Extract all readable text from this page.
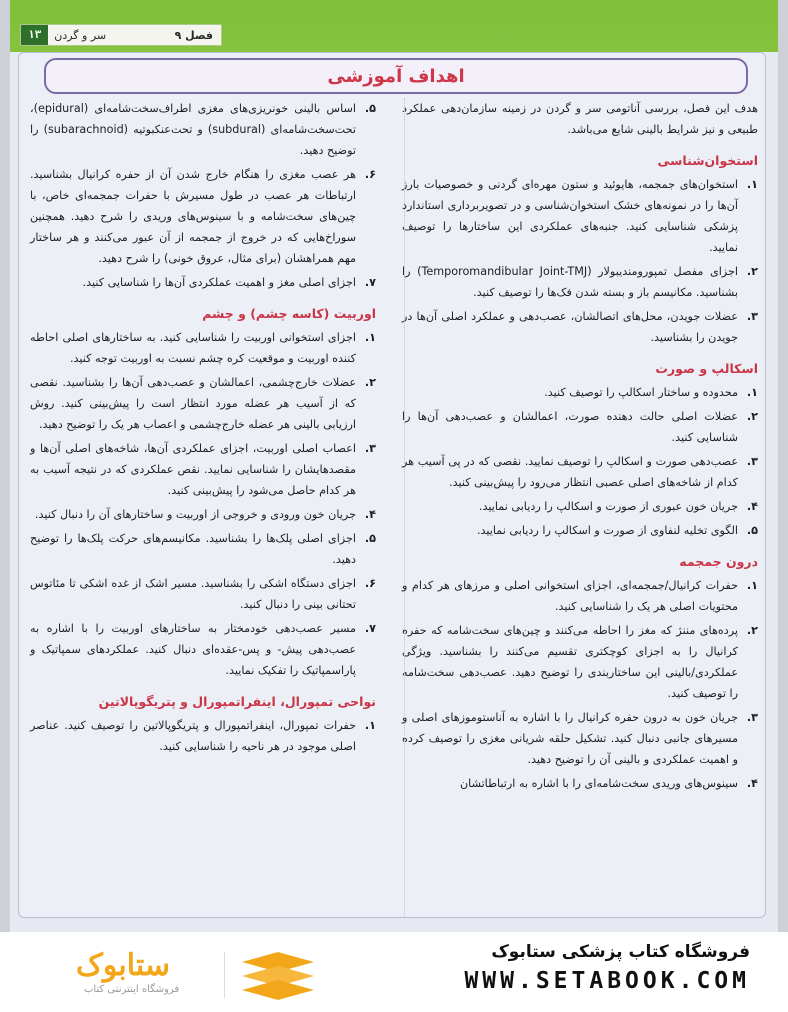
فصل ۹
سر و گردن
۱۳
اهداف آموزشی

هدف این فصل، بررسی آناتومی سر و گردن در زمینه سازمان‌دهی عملکرد طبیعی و نیز شرایط بالینی شایع می‌باشد.

استخوان‌شناسی
۱.
استخوان‌های جمجمه، هایوئید و ستون مهره‌ای گردنی و خصوصیات بارز آن‌ها را در نمونه‌های خشک استخوان‌شناسی و در تصویربرداری استاندارد پزشکی شناسایی کنید. جنبه‌های عملکردی این ساختارها را توصیف نمایید.
۲.
اجزای مفصل تمپورومندیبولار (Temporomandibular Joint-TMJ) را بشناسید. مکانیسم باز و بسته شدن فک‌ها را توصیف کنید.
۳.
عضلات جویدن، محل‌های اتصالشان، عصب‌دهی و عملکرد اصلی آن‌ها در جویدن را بشناسید.
اسکالپ و صورت
۱.
محدوده و ساختار اسکالپ را توصیف کنید.
۲.
عضلات اصلی حالت دهنده صورت، اعمالشان و عصب‌دهی آن‌ها را شناسایی کنید.
۳.
عصب‌دهی صورت و اسکالپ را توصیف نمایید. نقصی که در پی آسیب هر کدام از شاخه‌های اصلی عصبی انتظار می‌رود را پیش‌بینی کنید.
۴.
جریان خون عبوری از صورت و اسکالپ را ردیابی نمایید.
۵.
الگوی تخلیه لنفاوی از صورت و اسکالپ را ردیابی نمایید.
درون جمجمه
۱.
حفرات کرانیال/جمجمه‌ای، اجزای استخوانی اصلی و مرزهای هر کدام و محتویات اصلی هر یک را شناسایی کنید.
۲.
پرده‌های مننژ که مغز را احاطه می‌کنند و چین‌های سخت‌شامه که حفره کرانیال را به اجزای کوچکتری تقسیم می‌کنند را بشناسید. ویژگی عملکردی/بالینی این ساختاربندی را توضیح دهید. عصب‌دهی سخت‌شامه را توصیف کنید.
۳.
جریان خون به درون حفره کرانیال را با اشاره به آناستوموزهای اصلی و مسیرهای جانبی دنبال کنید. تشکیل حلقه شریانی مغزی را توصیف کرده و اهمیت عملکردی و بالینی آن را توضیح دهید.
۴.
سینوس‌های وریدی سخت‌شامه‌ای را با اشاره به ارتباطاتشان
۵.
اساس بالینی خونریزی‌های مغزی اطراف‌سخت‌شامه‌ای (epidural)، تحت‌سخت‌شامه‌ای (subdural) و تحت‌عنکبوتیه (subarachnoid) را توضیح دهید.
۶.
هر عصب مغزی را هنگام خارج شدن آن از حفره کرانیال بشناسید. ارتباطات هر عصب در طول مسیرش با حفرات جمجمه‌ای خاص، با چین‌های سخت‌شامه و با سینوس‌های وریدی را شرح دهید. همچنین سوراخ‌هایی که در خروج از جمجمه از آن عبور می‌کنند و هر ساختار مهم همراهشان (برای مثال، عروق خونی) را شرح دهید.
۷.
اجزای اصلی مغز و اهمیت عملکردی آن‌ها را شناسایی کنید.
اوربیت (کاسه چشم) و چشم
۱.
اجزای استخوانی اوربیت را شناسایی کنید. به ساختارهای اصلی احاطه کننده اوربیت و موقعیت کره چشم نسبت به اوربیت توجه کنید.
۲.
عضلات خارج‌چشمی، اعمالشان و عصب‌دهی آن‌ها را بشناسید. نقصی که از آسیب هر عضله مورد انتظار است را پیش‌بینی کنید. روش ارزیابی بالینی هر عضله خارج‌چشمی و اعصاب هر یک را توضیح دهید.
۳.
اعصاب اصلی اوربیت، اجزای عملکردی آن‌ها، شاخه‌های اصلی آن‌ها و مقصدهایشان را شناسایی نمایید. نقص عملکردی که در نتیجه آسیب به هر کدام حاصل می‌شود را پیش‌بینی کنید.
۴.
جریان خون ورودی و خروجی از اوربیت و ساختارهای آن را دنبال کنید.
۵.
اجزای اصلی پلک‌ها را بشناسید. مکانیسم‌های حرکت پلک‌ها را توضیح دهید.
۶.
اجزای دستگاه اشکی را بشناسید. مسیر اشک از غده اشکی تا مئاتوس تحتانی بینی را دنبال کنید.
۷.
مسیر عصب‌دهی خودمختار به ساختارهای اوربیت را با اشاره به عصب‌دهی پیش- و پس-عقده‌ای دنبال کنید. عملکردهای سمپاتیک و پاراسمپاتیک را تفکیک نمایید.
نواحی تمپورال، اینفراتمپورال و پتریگوپالاتین
۱.
حفرات تمپورال، اینفراتمپورال و پتریگوپالاتین را توصیف کنید. عناصر اصلی موجود در هر ناحیه را شناسایی کنید.
ستابوک
فروشگاه اینترنتی کتاب
فروشگاه کتاب پزشکی ستابوک
WWW.SETABOOK.COM
